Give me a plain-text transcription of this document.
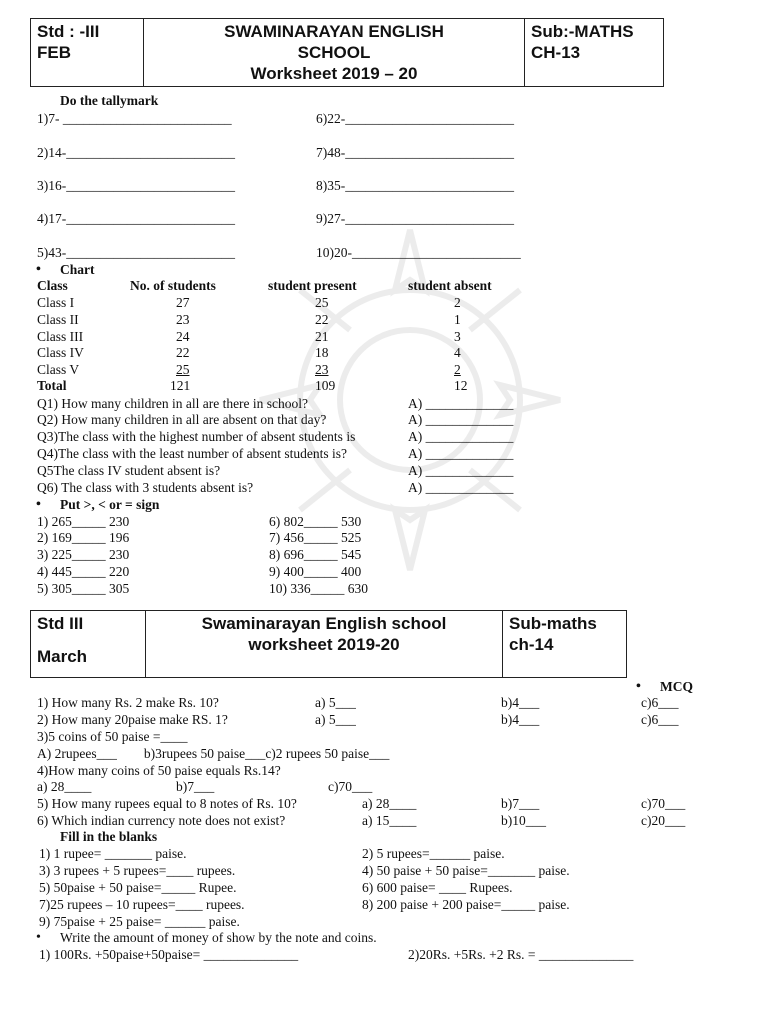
Std : -III
FEB

SWAMINARAYAN ENGLISH
SCHOOL
Worksheet 2019 – 20

Sub:-MATHS
CH-13
Do the tallymark
1)7- _________________________
2)14-_________________________
3)16-_________________________
4)17-_________________________
5)43-_________________________
6)22-_________________________
7)48-_________________________
8)35-_________________________
9)27-_________________________
10)20-_________________________
• Chart
Class	No. of students	student present	student absent
Class I	27	25	2
Class II	23	22	1
Class III	24	21	3
Class IV	22	18	4
Class V	25	23	2
Total	121	109	12
Q1) How many children in all are there in school?	A) _____________
Q2) How many children in all are absent on that day?	A) _____________
Q3)The class with the highest number of absent students is	A) _____________
Q4)The class with the least number of absent students is?	A) _____________
Q5The class IV student absent is?	A) _____________
Q6) The class with 3 students absent is?	A) _____________
• Put >, < or = sign
1) 265_____ 230
2) 169_____ 196
3) 225_____ 230
4) 445_____ 220
5) 305_____ 305
6) 802_____ 530
7) 456_____ 525
8) 696_____ 545
9) 400_____ 400
10) 336_____ 630
Std III
March

Swaminarayan English school
worksheet 2019-20

Sub-maths
ch-14
• MCQ
1) How many Rs. 2 make Rs. 10?	a) 5___	b)4___	c)6___
2) How many 20paise make RS. 1?	a) 5___	b)4___	c)6___
3)5 coins of 50 paise =____
A) 2rupees___        b)3rupees 50 paise___c)2 rupees 50 paise___
4)How many coins of 50 paise equals Rs.14?
a) 28____	b)7___	c)70___
5) How many rupees equal to 8 notes of Rs. 10?	a) 28____	b)7___	c)70___
6) Which indian currency note does not exist?	a) 15____	b)10___	c)20___
Fill in the blanks
1) 1 rupee= _______ paise.
3) 3 rupees + 5 rupees=____ rupees.
5) 50paise + 50 paise=_____ Rupee.
7)25 rupees – 10 rupees=____ rupees.
9) 75paise + 25 paise= ______ paise.
2) 5 rupees=______ paise.
4) 50 paise + 50 paise=_______ paise.
6) 600 paise= ____ Rupees.
8) 200 paise + 200 paise=_____ paise.
• Write the amount of money of show by the note and coins.
1) 100Rs. +50paise+50paise= ______________	2)20Rs. +5Rs. +2 Rs. = ______________
